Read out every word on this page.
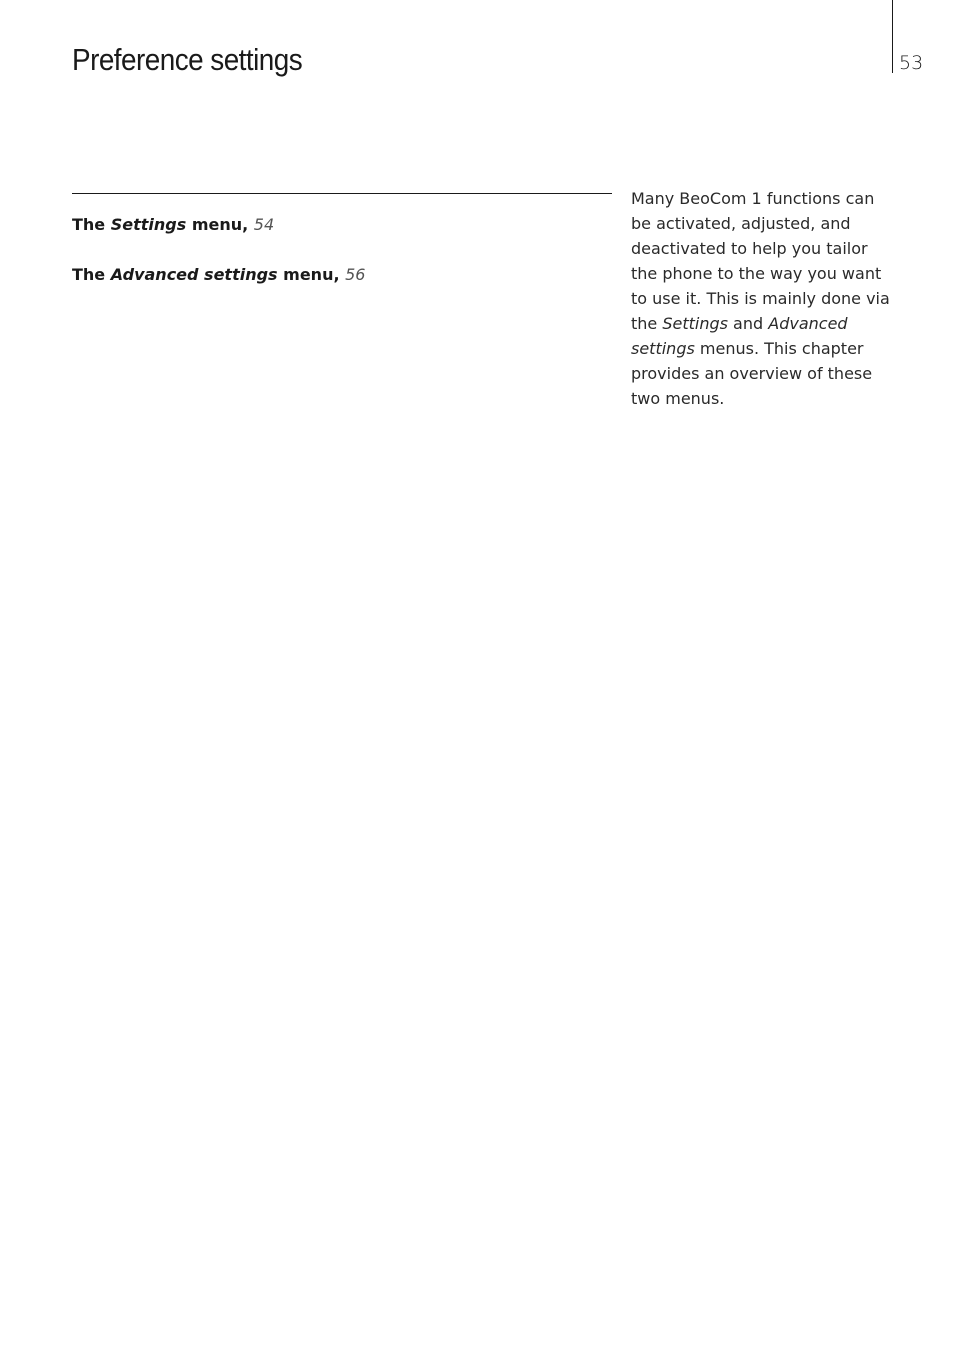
Preference settings	53
The Settings menu, 54
The Advanced settings menu, 56

Many BeoCom 1 functions can be activated, adjusted, and deactivated to help you tailor the phone to the way you want to use it. This is mainly done via the Settings and Advanced settings menus. This chapter provides an overview of these two menus.
